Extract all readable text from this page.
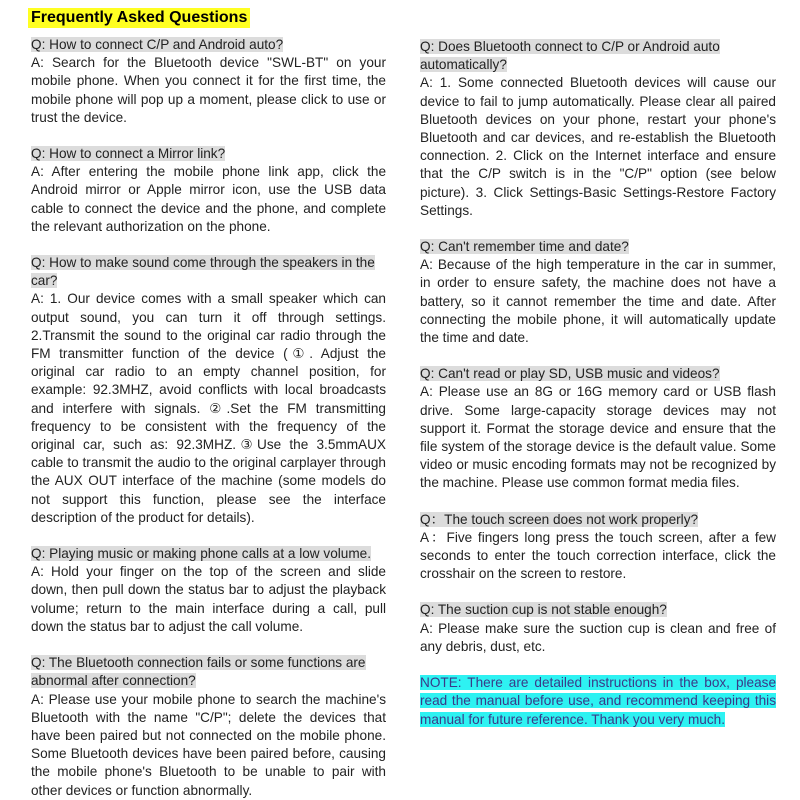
Frequently Asked Questions
Q: How to connect C/P and Android auto?

A: Search for the Bluetooth device "SWL-BT" on your mobile phone. When you connect it for the first time, the mobile phone will pop up a moment, please click to use or trust the device.

Q: How to connect a Mirror link?

A: After entering the mobile phone link app, click the Android mirror or Apple mirror icon, use the USB data cable to connect the device and the phone, and complete the relevant authorization on the phone.

Q: How to make sound come through the speakers in the car?

A: 1. Our device comes with a small speaker which can output sound, you can turn it off through settings. 2.Transmit the sound to the original car radio through the FM transmitter function of the device (①. Adjust the original car radio to an empty channel position, for example: 92.3MHZ, avoid conflicts with local broadcasts and interfere with signals. ②.Set the FM transmitting frequency to be consistent with the frequency of the original car, such as: 92.3MHZ.③Use the 3.5mmAUX cable to transmit the audio to the original carplayer through the AUX OUT interface of the machine (some models do not support this function, please see the interface description of the product for details).

Q: Playing music or making phone calls at a low volume.

A: Hold your finger on the top of the screen and slide down, then pull down the status bar to adjust the playback volume; return to the main interface during a call, pull down the status bar to adjust the call volume.

Q: The Bluetooth connection fails or some functions are abnormal after connection?

A: Please use your mobile phone to search the machine's Bluetooth with the name "C/P"; delete the devices that have been paired but not connected on the mobile phone. Some Bluetooth devices have been paired before, causing the mobile phone's Bluetooth to be unable to pair with other devices or function abnormally.

Q: Does Bluetooth connect to C/P or Android auto automatically?

A: 1. Some connected Bluetooth devices will cause our device to fail to jump automatically. Please clear all paired Bluetooth devices on your phone, restart your phone's Bluetooth and car devices, and re-establish the Bluetooth connection. 2. Click on the Internet interface and ensure that the C/P switch is in the "C/P" option (see below picture). 3. Click Settings-Basic Settings-Restore Factory Settings.

Q: Can't remember time and date?

A: Because of the high temperature in the car in summer, in order to ensure safety, the machine does not have a battery, so it cannot remember the time and date. After connecting the mobile phone, it will automatically update the time and date.

Q: Can't read or play SD, USB music and videos?

A: Please use an 8G or 16G memory card or USB flash drive. Some large-capacity storage devices may not support it. Format the storage device and ensure that the file system of the storage device is the default value. Some video or music encoding formats may not be recognized by the machine. Please use common format media files.

Q：The touch screen does not work properly?

A：Five fingers long press the touch screen, after a few seconds to enter the touch correction interface, click the crosshair on the screen to restore.

Q: The suction cup is not stable enough?

A: Please make sure the suction cup is clean and free of any debris, dust, etc.

NOTE: There are detailed instructions in the box, please read the manual before use, and recommend keeping this manual for future reference. Thank you very much.
